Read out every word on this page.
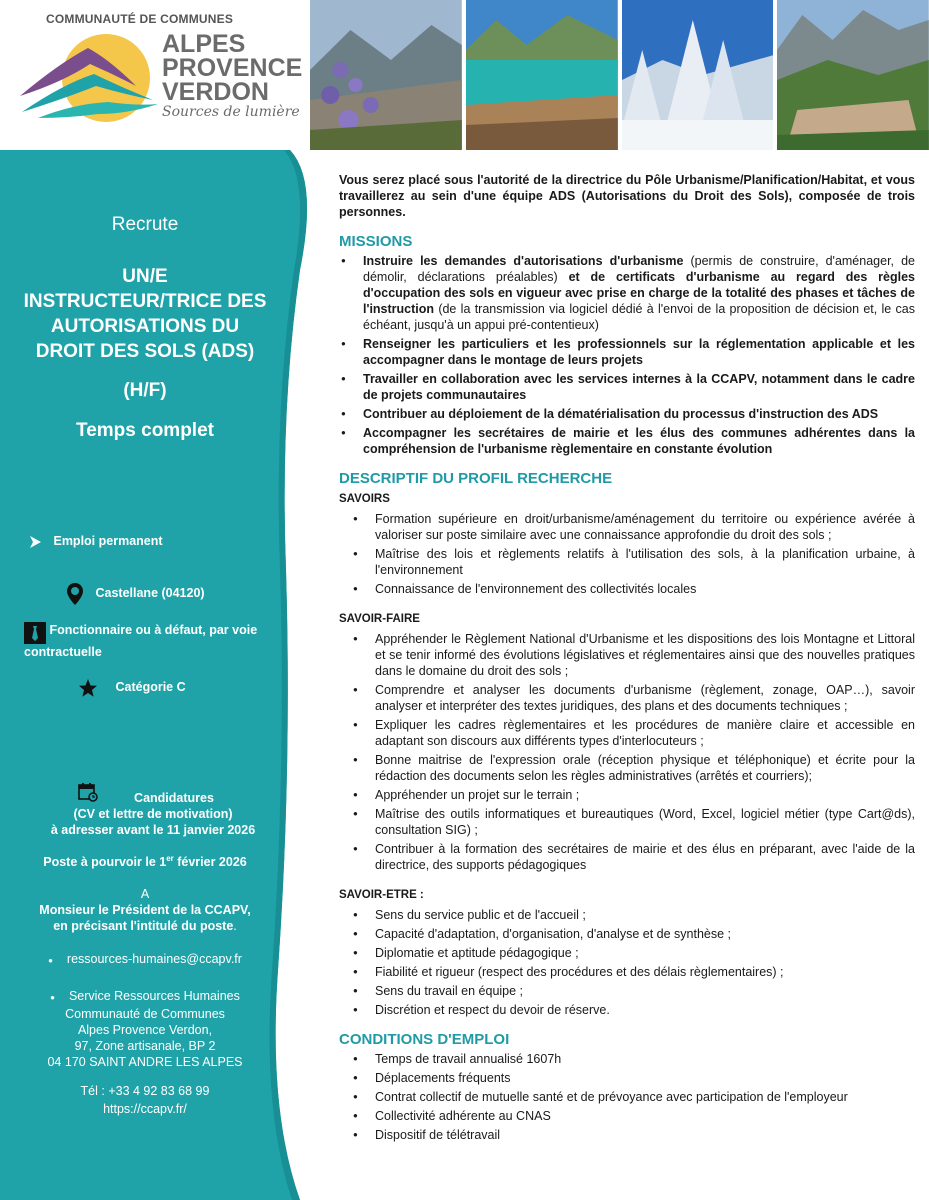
COMMUNAUTÉ DE COMMUNES
ALPES
PROVENCE
VERDON
Sources de lumière
Recrute
UN/E
INSTRUCTEUR/TRICE DES
AUTORISATIONS DU
DROIT DES SOLS (ADS)
(H/F)
Temps complet
Emploi permanent
Castellane (04120)
Fonctionnaire ou à défaut, par voie
contractuelle
Catégorie C
Candidatures
(CV et lettre de motivation)
à adresser avant le 11 janvier 2026
Poste à pourvoir le 1er février 2026
A
Monsieur le Président de la CCAPV,
en précisant l'intitulé du poste.
● ressources-humaines@ccapv.fr
● Service Ressources Humaines
Communauté de Communes
Alpes Provence Verdon,
97, Zone artisanale, BP 2
04 170 SAINT ANDRE LES ALPES
Tél : +33 4 92 83 68 99
https://ccapv.fr/

Vous serez placé sous l'autorité de la directrice du Pôle Urbanisme/Planification/Habitat, et vous travaillerez au sein d'une équipe ADS (Autorisations du Droit des Sols), composée de trois personnes.

MISSIONS
● Instruire les demandes d'autorisations d'urbanisme (permis de construire, d'aménager, de démolir, déclarations préalables) et de certificats d'urbanisme au regard des règles d'occupation des sols en vigueur avec prise en charge de la totalité des phases et tâches de l'instruction (de la transmission via logiciel dédié à l'envoi de la proposition de décision et, le cas échéant, jusqu'à un appui pré-contentieux)
● Renseigner les particuliers et les professionnels sur la réglementation applicable et les accompagner dans le montage de leurs projets
● Travailler en collaboration avec les services internes à la CCAPV, notamment dans le cadre de projets communautaires
● Contribuer au déploiement de la dématérialisation du processus d'instruction des ADS
● Accompagner les secrétaires de mairie et les élus des communes adhérentes dans la compréhension de l'urbanisme règlementaire en constante évolution
DESCRIPTIF DU PROFIL RECHERCHE
SAVOIRS
● Formation supérieure en droit/urbanisme/aménagement du territoire ou expérience avérée à valoriser sur poste similaire avec une connaissance approfondie du droit des sols ;
● Maîtrise des lois et règlements relatifs à l'utilisation des sols, à la planification urbaine, à l'environnement
● Connaissance de l'environnement des collectivités locales
SAVOIR-FAIRE
● Appréhender le Règlement National d'Urbanisme et les dispositions des lois Montagne et Littoral et se tenir informé des évolutions législatives et réglementaires ainsi que des nouvelles pratiques dans le domaine du droit des sols ;
● Comprendre et analyser les documents d'urbanisme (règlement, zonage, OAP…), savoir analyser et interpréter des textes juridiques, des plans et des documents techniques ;
● Expliquer les cadres règlementaires et les procédures de manière claire et accessible en adaptant son discours aux différents types d'interlocuteurs ;
● Bonne maitrise de l'expression orale (réception physique et téléphonique) et écrite pour la rédaction des documents selon les règles administratives (arrêtés et courriers);
● Appréhender un projet sur le terrain ;
● Maîtrise des outils informatiques et bureautiques (Word, Excel, logiciel métier (type Cart@ds), consultation SIG) ;
● Contribuer à la formation des secrétaires de mairie et des élus en préparant, avec l'aide de la directrice, des supports pédagogiques
SAVOIR-ETRE :
● Sens du service public et de l'accueil ;
● Capacité d'adaptation, d'organisation, d'analyse et de synthèse ;
● Diplomatie et aptitude pédagogique ;
● Fiabilité et rigueur (respect des procédures et des délais règlementaires) ;
● Sens du travail en équipe ;
● Discrétion et respect du devoir de réserve.
CONDITIONS D'EMPLOI
● Temps de travail annualisé 1607h
● Déplacements fréquents
● Contrat collectif de mutuelle santé et de prévoyance avec participation de l'employeur
● Collectivité adhérente au CNAS
● Dispositif de télétravail
